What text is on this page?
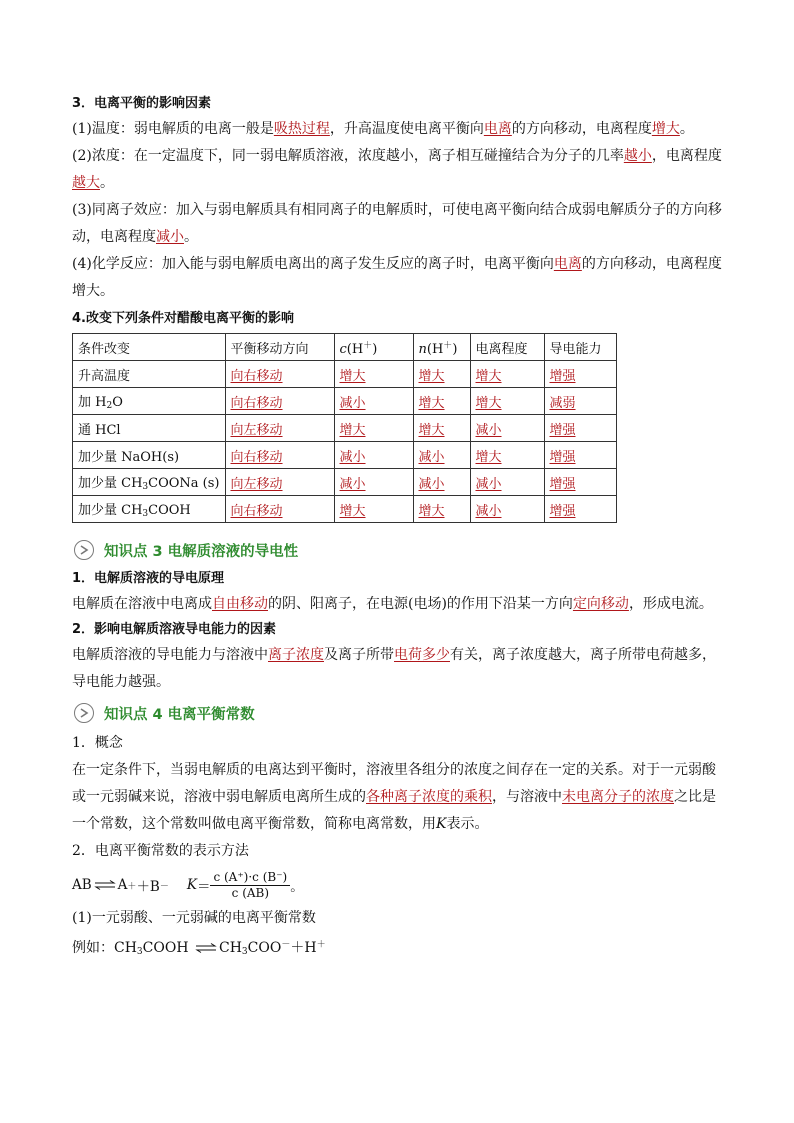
3．电离平衡的影响因素
(1)温度：弱电解质的电离一般是吸热过程，升高温度使电离平衡向电离的方向移动，电离程度增大。
(2)浓度：在一定温度下，同一弱电解质溶液，浓度越小，离子相互碰撞结合为分子的几率越小，电离程度
越大。
(3)同离子效应：加入与弱电解质具有相同离子的电解质时，可使电离平衡向结合成弱电解质分子的方向移
动，电离程度减小。
(4)化学反应：加入能与弱电解质电离出的离子发生反应的离子时，电离平衡向电离的方向移动，电离程度
增大。
4.改变下列条件对醋酸电离平衡的影响
条件改变	平衡移动方向	c(H＋)	n(H＋)	电离程度	导电能力
升高温度	向右移动	增大	增大	增大	增强
加 $H_2O$	向右移动	减小	增大	增大	减弱
通 HCl	向左移动	增大	增大	减小	增强
加少量 NaOH(s)	向右移动	减小	减小	增大	增强
加少量 $CH_3COONa$ (s)	向左移动	减小	减小	减小	增强
加少量 $CH_3COOH$	向右移动	增大	增大	减小	增强
知识点 3 电解质溶液的导电性
1．电解质溶液的导电原理
电解质在溶液中电离成自由移动的阴、阳离子，在电源(电场)的作用下沿某一方向定向移动，形成电流。
2．影响电解质溶液导电能力的因素
电解质溶液的导电能力与溶液中离子浓度及离子所带电荷多少有关，离子浓度越大，离子所带电荷越多，
导电能力越强。
知识点 4 电离平衡常数
1．概念
在一定条件下，当弱电解质的电离达到平衡时，溶液里各组分的浓度之间存在一定的关系。对于一元弱酸
或一元弱碱来说，溶液中弱电解质电离所生成的各种离子浓度的乘积，与溶液中未电离分子的浓度之比是
一个常数，这个常数叫做电离平衡常数，简称电离常数，用K表示。
2．电离平衡常数的表示方法
AB ⇌ $A + +B - K = \frac{c (A^+)\cdot c (B^-)}{c (AB)}$ 。
(1)一元弱酸、一元弱碱的电离平衡常数
例如：$CH_3COOH$ ⇌ $CH_3COO^-+H^+$
